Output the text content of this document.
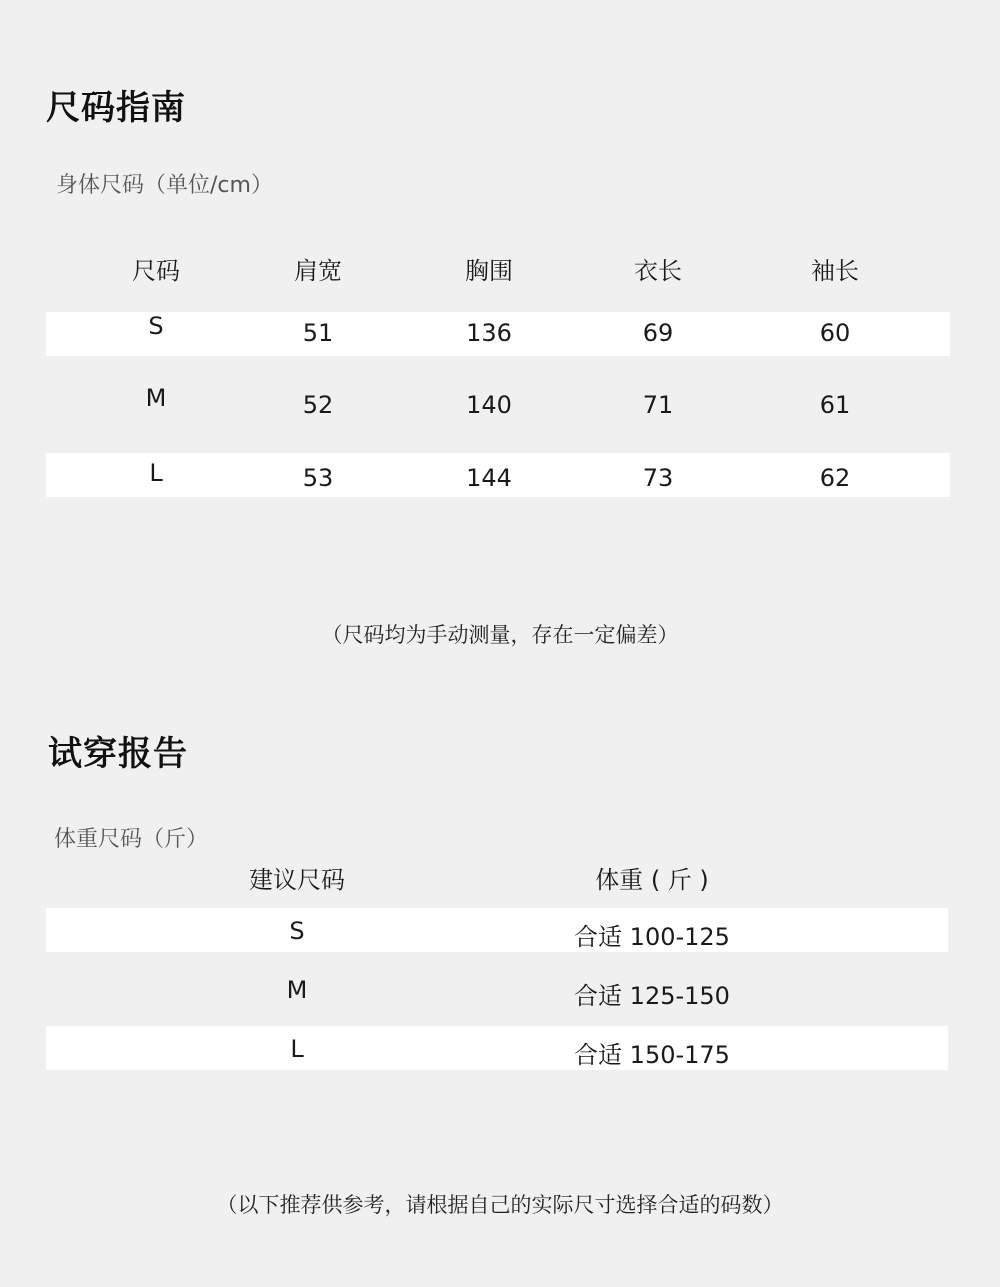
尺码指南
身体尺码（单位/cm）
尺码	肩宽	胸围	衣长	袖长
S	51	136	69	60
M	52	140	71	61
L	53	144	73	62
（尺码均为手动测量，存在一定偏差）
试穿报告
体重尺码（斤）
建议尺码	体重 ( 斤 )
S	合适 100-125
M	合适 125-150
L	合适 150-175
（以下推荐供参考，请根据自己的实际尺寸选择合适的码数）
